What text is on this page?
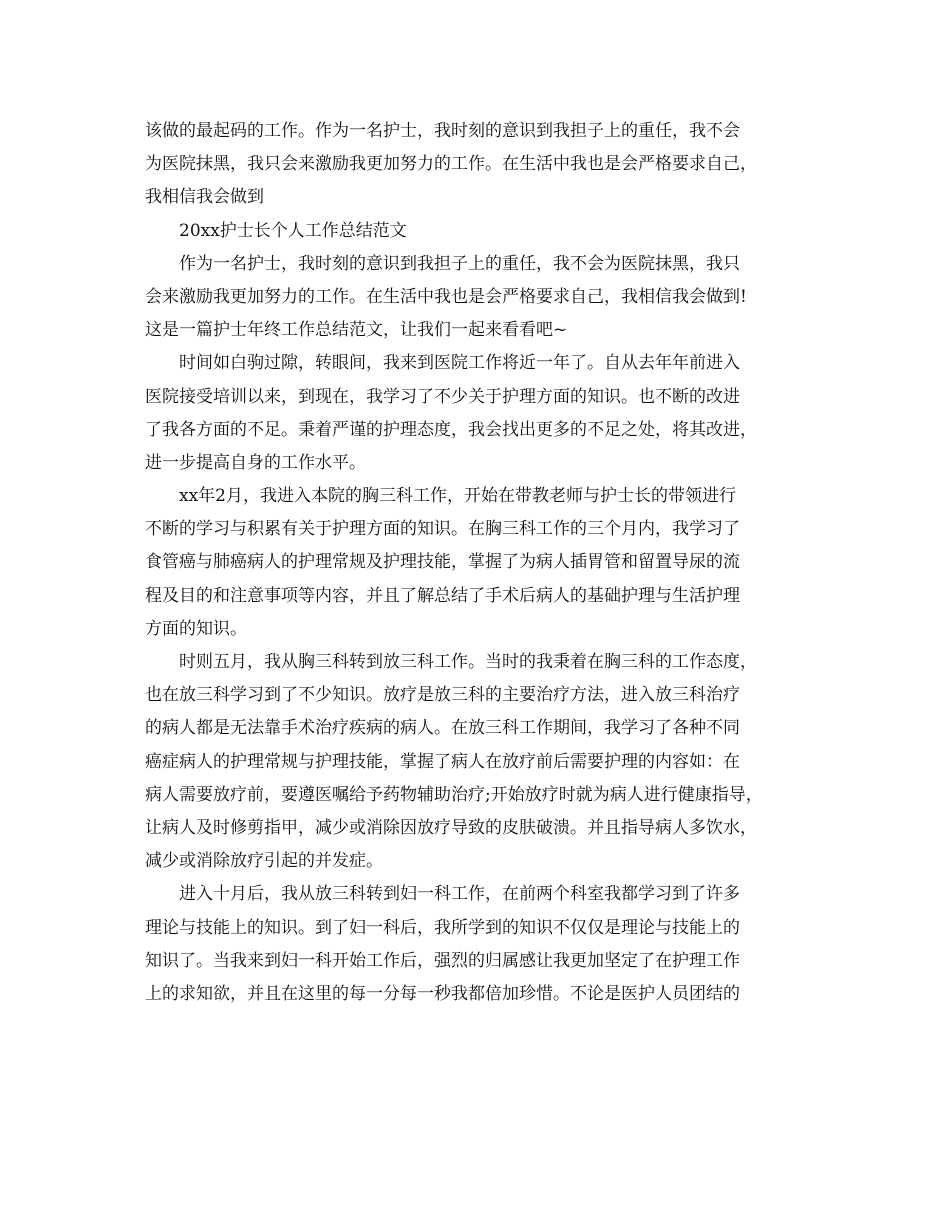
该做的最起码的工作。作为一名护士，我时刻的意识到我担子上的重任，我不会
为医院抹黑，我只会来激励我更加努力的工作。在生活中我也是会严格要求自己，
我相信我会做到
20xx护士长个人工作总结范文
作为一名护士，我时刻的意识到我担子上的重任，我不会为医院抹黑，我只
会来激励我更加努力的工作。在生活中我也是会严格要求自己，我相信我会做到!
这是一篇护士年终工作总结范文，让我们一起来看看吧~
时间如白驹过隙，转眼间，我来到医院工作将近一年了。自从去年年前进入
医院接受培训以来，到现在，我学习了不少关于护理方面的知识。也不断的改进
了我各方面的不足。秉着严谨的护理态度，我会找出更多的不足之处，将其改进，
进一步提高自身的工作水平。
xx年2月，我进入本院的胸三科工作，开始在带教老师与护士长的带领进行
不断的学习与积累有关于护理方面的知识。在胸三科工作的三个月内，我学习了
食管癌与肺癌病人的护理常规及护理技能，掌握了为病人插胃管和留置导尿的流
程及目的和注意事项等内容，并且了解总结了手术后病人的基础护理与生活护理
方面的知识。
时则五月，我从胸三科转到放三科工作。当时的我秉着在胸三科的工作态度，
也在放三科学习到了不少知识。放疗是放三科的主要治疗方法，进入放三科治疗
的病人都是无法靠手术治疗疾病的病人。在放三科工作期间，我学习了各种不同
癌症病人的护理常规与护理技能，掌握了病人在放疗前后需要护理的内容如：在
病人需要放疗前，要遵医嘱给予药物辅助治疗;开始放疗时就为病人进行健康指导，
让病人及时修剪指甲，减少或消除因放疗导致的皮肤破溃。并且指导病人多饮水，
减少或消除放疗引起的并发症。
进入十月后，我从放三科转到妇一科工作，在前两个科室我都学习到了许多
理论与技能上的知识。到了妇一科后，我所学到的知识不仅仅是理论与技能上的
知识了。当我来到妇一科开始工作后，强烈的归属感让我更加坚定了在护理工作
上的求知欲，并且在这里的每一分每一秒我都倍加珍惜。不论是医护人员团结的
